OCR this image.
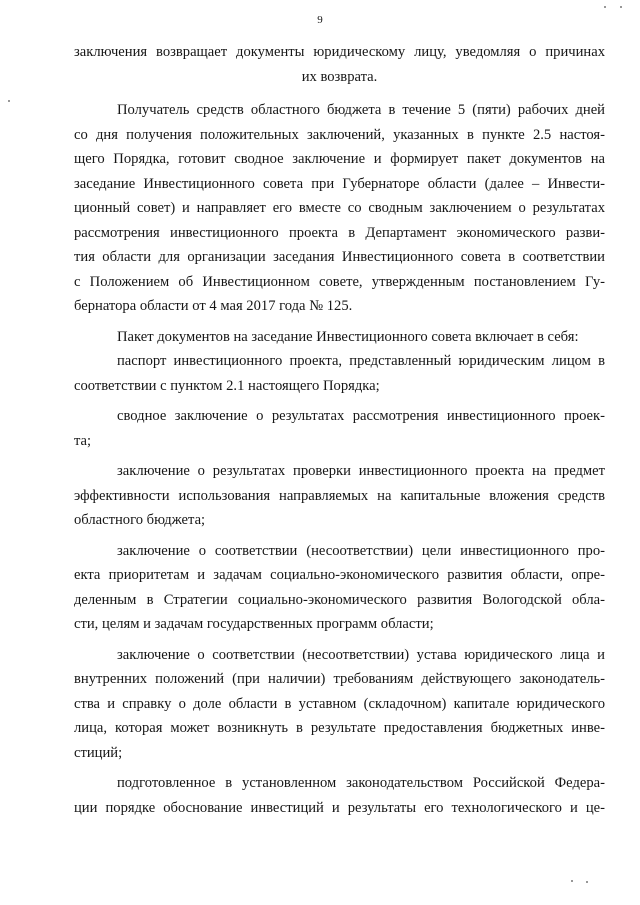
9
заключения возвращает документы юридическому лицу, уведомляя о причинах
их возврата.
Получатель средств областного бюджета в течение 5 (пяти) рабочих дней
со дня получения положительных заключений, указанных в пункте 2.5 настоя-
щего Порядка, готовит сводное заключение и формирует пакет документов на
заседание Инвестиционного совета при Губернаторе области (далее – Инвести-
ционный совет) и направляет его вместе со сводным заключением о результатах
рассмотрения инвестиционного проекта в Департамент экономического разви-
тия области для организации заседания Инвестиционного совета в соответствии
с Положением об Инвестиционном совете, утвержденным постановлением Гу-
бернатора области от 4 мая 2017 года № 125.
Пакет документов на заседание Инвестиционного совета включает в себя:
паспорт инвестиционного проекта, представленный юридическим лицом в
соответствии с пунктом 2.1 настоящего Порядка;
сводное заключение о результатах рассмотрения инвестиционного проек-
та;
заключение о результатах проверки инвестиционного проекта на предмет
эффективности использования направляемых на капитальные вложения средств
областного бюджета;
заключение о соответствии (несоответствии) цели инвестиционного про-
екта приоритетам и задачам социально-экономического развития области, опре-
деленным в Стратегии социально-экономического развития Вологодской обла-
сти, целям и задачам государственных программ области;
заключение о соответствии (несоответствии) устава юридического лица и
внутренних положений (при наличии) требованиям действующего законодатель-
ства и справку о доле области в уставном (складочном) капитале юридического
лица, которая может возникнуть в результате предоставления бюджетных инве-
стиций;
подготовленное в установленном законодательством Российской Федера-
ции порядке обоснование инвестиций и результаты его технологического и це-
